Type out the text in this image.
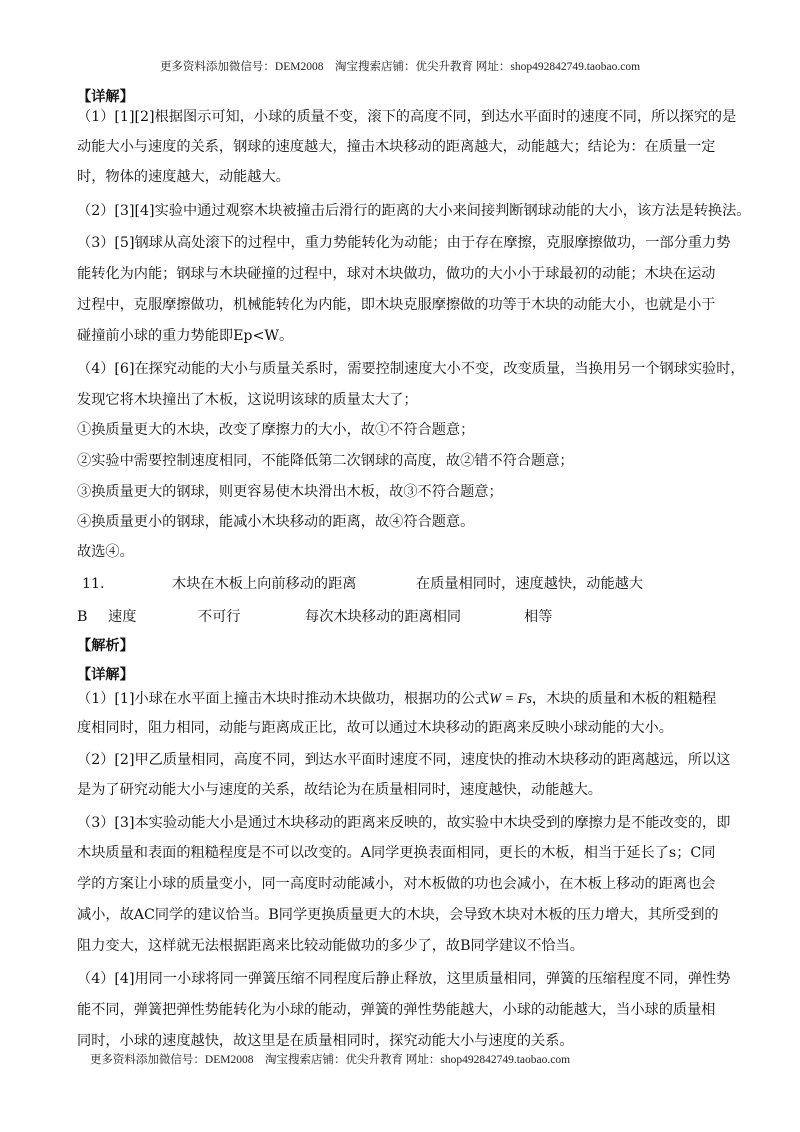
更多资料添加微信号：DEM2008　淘宝搜索店铺：优尖升教育 网址：shop492842749.taobao.com
【详解】
（1）[1][2]根据图示可知，小球的质量不变，滚下的高度不同，到达水平面时的速度不同，所以探究的是
动能大小与速度的关系，钢球的速度越大，撞击木块移动的距离越大，动能越大；结论为：在质量一定
时，物体的速度越大，动能越大。
（2）[3][4]实验中通过观察木块被撞击后滑行的距离的大小来间接判断钢球动能的大小，该方法是转换法。
（3）[5]钢球从高处滚下的过程中，重力势能转化为动能；由于存在摩擦，克服摩擦做功，一部分重力势
能转化为内能；钢球与木块碰撞的过程中，球对木块做功，做功的大小小于球最初的动能；木块在运动
过程中，克服摩擦做功，机械能转化为内能，即木块克服摩擦做的功等于木块的动能大小，也就是小于
碰撞前小球的重力势能即Ep<W。
（4）[6]在探究动能的大小与质量关系时，需要控制速度大小不变，改变质量，当换用另一个钢球实验时，
发现它将木块撞出了木板，这说明该球的质量太大了；
①换质量更大的木块，改变了摩擦力的大小，故①不符合题意；
②实验中需要控制速度相同，不能降低第二次钢球的高度，故②错不符合题意；
③换质量更大的钢球，则更容易使木块滑出木板，故③不符合题意；
④换质量更小的钢球，能减小木块移动的距离，故④符合题意。
故选④。
11.	木块在木板上向前移动的距离	在质量相同时，速度越快，动能越大
B 速度	不可行	每次木块移动的距离相同	相等
【解析】
【详解】
（1）[1]小球在水平面上撞击木块时推动木块做功，根据功的公式W = Fs，木块的质量和木板的粗糙程
度相同时，阻力相同，动能与距离成正比，故可以通过木块移动的距离来反映小球动能的大小。
（2）[2]甲乙质量相同，高度不同，到达水平面时速度不同，速度快的推动木块移动的距离越远，所以这
是为了研究动能大小与速度的关系，故结论为在质量相同时，速度越快，动能越大。
（3）[3]本实验动能大小是通过木块移动的距离来反映的，故实验中木块受到的摩擦力是不能改变的，即
木块质量和表面的粗糙程度是不可以改变的。A同学更换表面相同，更长的木板，相当于延长了s；C同
学的方案让小球的质量变小，同一高度时动能减小，对木板做的功也会减小，在木板上移动的距离也会
减小，故AC同学的建议恰当。B同学更换质量更大的木块，会导致木块对木板的压力增大，其所受到的
阻力变大，这样就无法根据距离来比较动能做功的多少了，故B同学建议不恰当。
（4）[4]用同一小球将同一弹簧压缩不同程度后静止释放，这里质量相同，弹簧的压缩程度不同，弹性势
能不同，弹簧把弹性势能转化为小球的能动，弹簧的弹性势能越大，小球的动能越大，当小球的质量相
同时，小球的速度越快，故这里是在质量相同时，探究动能大小与速度的关系。
更多资料添加微信号：DEM2008　淘宝搜索店铺：优尖升教育 网址：shop492842749.taobao.com
